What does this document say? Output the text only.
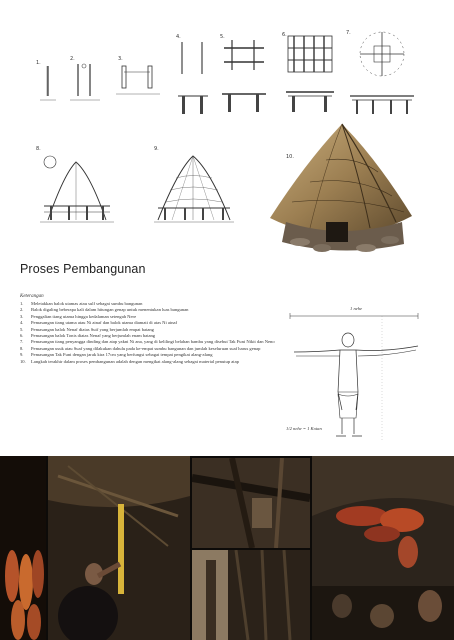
1.
2.	3.
4.	5.	6.	7.
8.	9.
10.
Proses Pembangunan
Keterangan
1. Meletakkan balok utamas atau sulf sebagai sumbu bangunan
2. Balok digaling beberapa kali dalam hitungan genap untuk menentukan luas bangunan
3. Penggalian tiang utama hingga kedalaman setengah Nere
4. Pemasangan tiang utama atau Ni ainaf dan balok utama diamati di atas Ni ainaf
5. Pemasangan balok Nenaf diatas Suif yang berjumlah empat batang
6. Pemasangan balok Tonis diatas Nenaf yang berjumlah enam batang
7. Pemasangan tiang penyangga dinding dan atap yakni Ni ana, yang di kelilingi belahan bambu yang disebut Tak Funi Nikit dan Neno
8. Pemasangan usuk atau Suaf yang dilakukan dahulu pada ke-empat sumbu bangunan dan jumlah keseluruan suaf harus genap
9. Pemasangan Tak Funi dengan jarak kira 17cm yang berfungsi sebagai tempat pengikat alang-alang
10. Langkah terakhir dalam proses pembangunan adalah dengan mengikat alang-alang sebagai material penutup atap
1 nehe
1/2 nehe = 1 Kotan
